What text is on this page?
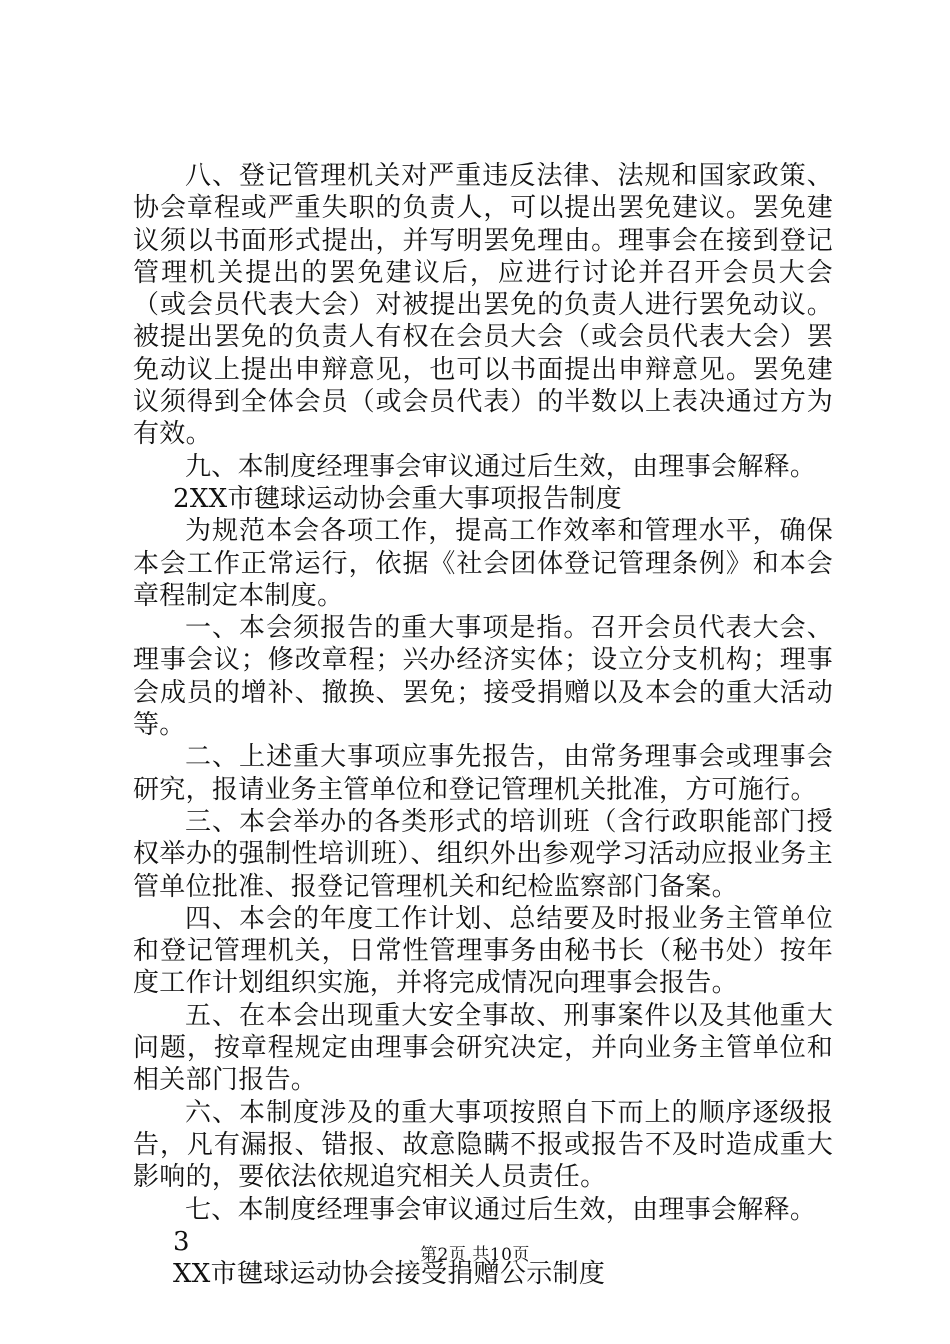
八、登记管理机关对严重违反法律、法规和国家政策、协会章程或严重失职的负责人，可以提出罢免建议。罢免建议须以书面形式提出，并写明罢免理由。理事会在接到登记管理机关提出的罢免建议后，应进行讨论并召开会员大会（或会员代表大会）对被提出罢免的负责人进行罢免动议。被提出罢免的负责人有权在会员大会（或会员代表大会）罢免动议上提出申辩意见，也可以书面提出申辩意见。罢免建议须得到全体会员（或会员代表）的半数以上表决通过方为有效。

九、本制度经理事会审议通过后生效，由理事会解释。

2XX市毽球运动协会重大事项报告制度

为规范本会各项工作，提高工作效率和管理水平，确保本会工作正常运行，依据《社会团体登记管理条例》和本会章程制定本制度。

一、本会须报告的重大事项是指。召开会员代表大会、理事会议；修改章程；兴办经济实体；设立分支机构；理事会成员的增补、撤换、罢免；接受捐赠以及本会的重大活动等。

二、上述重大事项应事先报告，由常务理事会或理事会研究，报请业务主管单位和登记管理机关批准，方可施行。

三、本会举办的各类形式的培训班（含行政职能部门授权举办的强制性培训班）、组织外出参观学习活动应报业务主管单位批准、报登记管理机关和纪检监察部门备案。

四、本会的年度工作计划、总结要及时报业务主管单位和登记管理机关，日常性管理事务由秘书长（秘书处）按年度工作计划组织实施，并将完成情况向理事会报告。

五、在本会出现重大安全事故、刑事案件以及其他重大问题，按章程规定由理事会研究决定，并向业务主管单位和相关部门报告。

六、本制度涉及的重大事项按照自下而上的顺序逐级报告，凡有漏报、错报、故意隐瞒不报或报告不及时造成重大影响的，要依法依规追究相关人员责任。

七、本制度经理事会审议通过后生效，由理事会解释。

3

XX市毽球运动协会接受捐赠公示制度

第2页 共10页
